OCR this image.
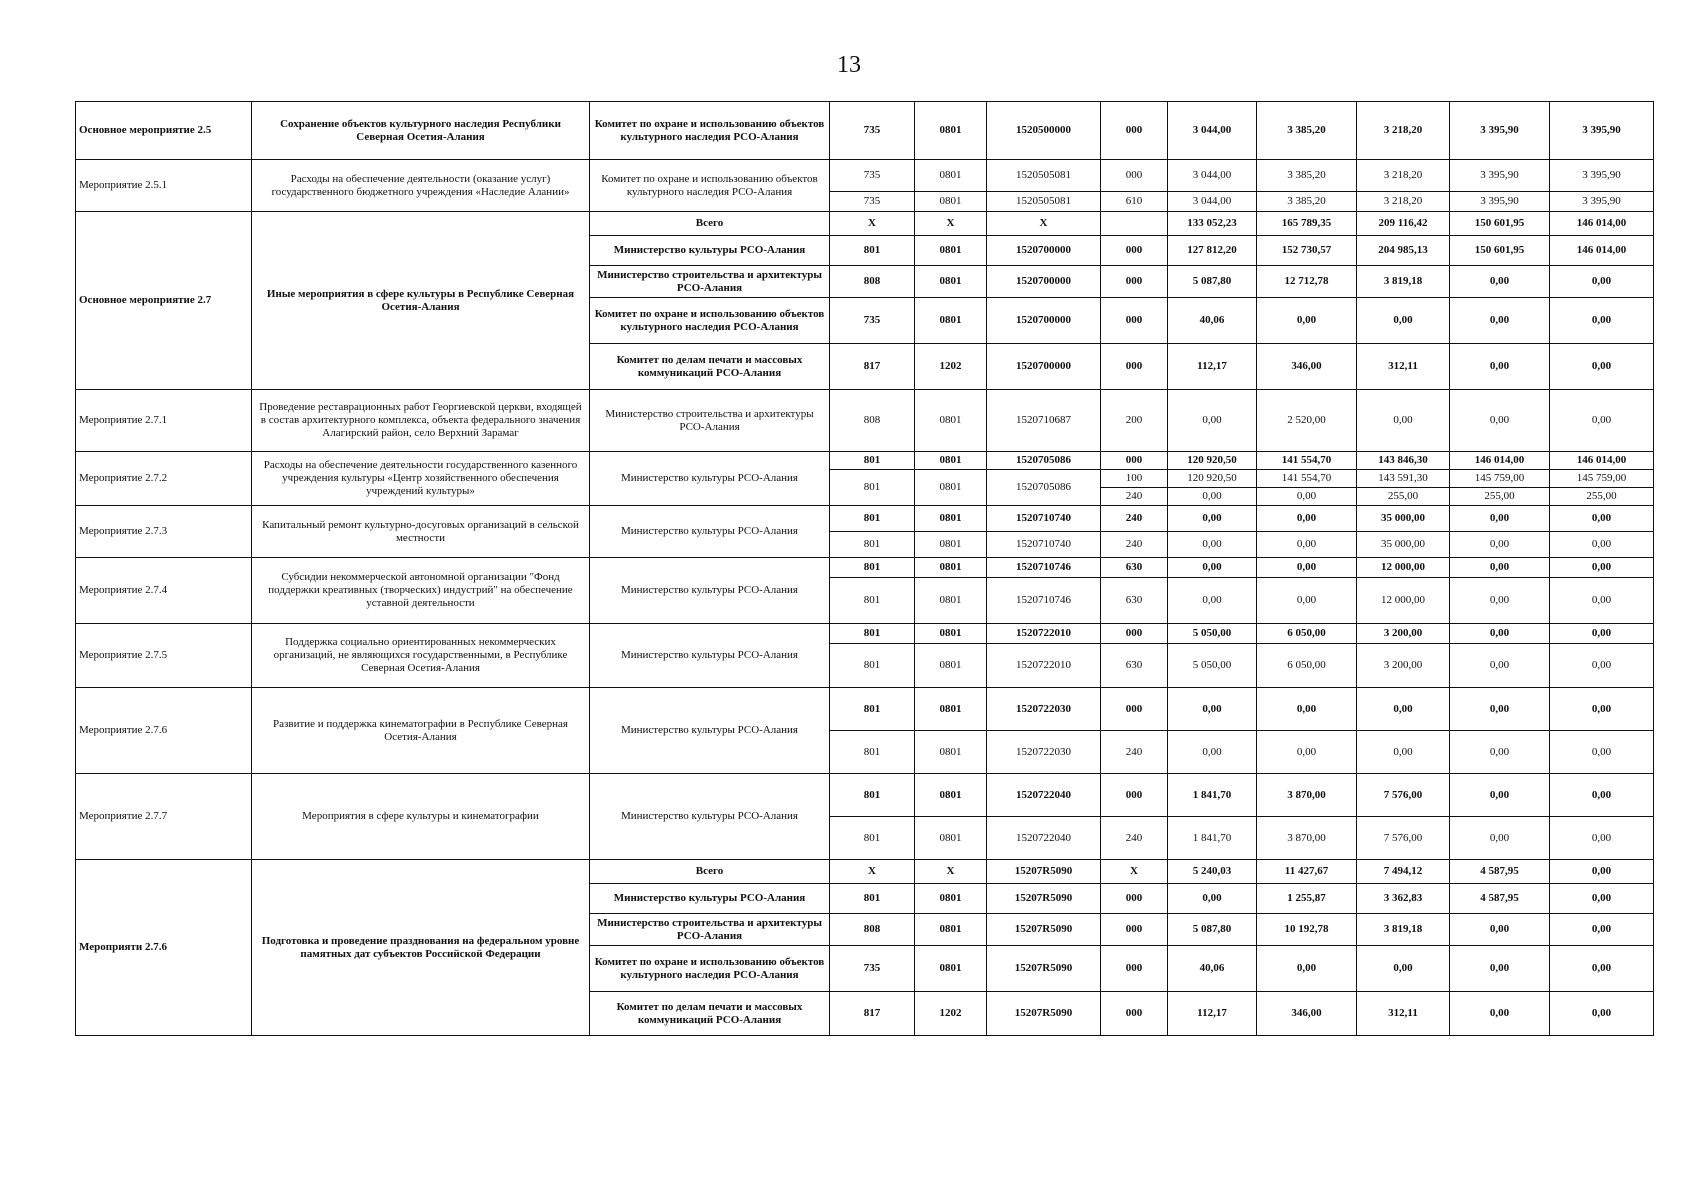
13
Основное мероприятие 2.5	Сохранение объектов культурного наследия Республики Северная Осетия-Алания	Комитет по охране и использованию объектов культурного наследия РСО-Алания	735	0801	1520500000	000	3 044,00	3 385,20	3 218,20	3 395,90	3 395,90
Мероприятие 2.5.1	Расходы на обеспечение деятельности (оказание услуг) государственного бюджетного учреждения «Наследие Алании»	Комитет по охране и использованию объектов культурного наследия РСО-Алания	735	0801	1520505081	000	3 044,00	3 385,20	3 218,20	3 395,90	3 395,90
			735	0801	1520505081	610	3 044,00	3 385,20	3 218,20	3 395,90	3 395,90
Основное мероприятие 2.7	Иные мероприятия в сфере культуры в Республике Северная Осетия-Алания	Всего	Х	Х	Х		133 052,23	165 789,35	209 116,42	150 601,95	146 014,00
		Министерство культуры РСО-Алания	801	0801	1520700000	000	127 812,20	152 730,57	204 985,13	150 601,95	146 014,00
		Министерство строительства и архитектуры РСО-Алания	808	0801	1520700000	000	5 087,80	12 712,78	3 819,18	0,00	0,00
		Комитет по охране и использованию объектов культурного наследия РСО-Алания	735	0801	1520700000	000	40,06	0,00	0,00	0,00	0,00
		Комитет по делам печати и массовых коммуникаций РСО-Алания	817	1202	1520700000	000	112,17	346,00	312,11	0,00	0,00
Мероприятие 2.7.1	Проведение реставрационных работ Георгиевской церкви, входящей в состав архитектурного комплекса, объекта федерального значения Алагирский район, село Верхний Зарамаг	Министерство строительства и архитектуры РСО-Алания	808	0801	1520710687	200	0,00	2 520,00	0,00	0,00	0,00
Мероприятие 2.7.2	Расходы на обеспечение деятельности государственного казенного учреждения культуры «Центр хозяйственного обеспечения учреждений культуры»	Министерство культуры РСО-Алания	801	0801	1520705086	000	120 920,50	141 554,70	143 846,30	146 014,00	146 014,00
			801	0801	1520705086	100	120 920,50	141 554,70	143 591,30	145 759,00	145 759,00
						240	0,00	0,00	255,00	255,00	255,00
Мероприятие 2.7.3	Капитальный ремонт культурно-досуговых организаций в сельской местности	Министерство культуры РСО-Алания	801	0801	1520710740	240	0,00	0,00	35 000,00	0,00	0,00
			801	0801	1520710740	240	0,00	0,00	35 000,00	0,00	0,00
Мероприятие 2.7.4	Субсидии некоммерческой автономной организации "Фонд поддержки креативных (творческих) индустрий" на обеспечение уставной деятельности	Министерство культуры РСО-Алания	801	0801	1520710746	630	0,00	0,00	12 000,00	0,00	0,00
			801	0801	1520710746	630	0,00	0,00	12 000,00	0,00	0,00
Мероприятие 2.7.5	Поддержка социально ориентированных некоммерческих организаций, не являющихся государственными, в Республике Северная Осетия-Алания	Министерство культуры РСО-Алания	801	0801	1520722010	000	5 050,00	6 050,00	3 200,00	0,00	0,00
			801	0801	1520722010	630	5 050,00	6 050,00	3 200,00	0,00	0,00
Мероприятие 2.7.6	Развитие и поддержка кинематографии в Республике Северная Осетия-Алания	Министерство культуры РСО-Алания	801	0801	1520722030	000	0,00	0,00	0,00	0,00	0,00
			801	0801	1520722030	240	0,00	0,00	0,00	0,00	0,00
Мероприятие 2.7.7	Мероприятия в сфере культуры и кинематографии	Министерство культуры РСО-Алания	801	0801	1520722040	000	1 841,70	3 870,00	7 576,00	0,00	0,00
			801	0801	1520722040	240	1 841,70	3 870,00	7 576,00	0,00	0,00
Мероприяти 2.7.6	Подготовка и проведение празднования на федеральном уровне памятных дат субъектов Российской Федерации	Всего	Х	Х	15207R5090	Х	5 240,03	11 427,67	7 494,12	4 587,95	0,00
		Министерство культуры РСО-Алания	801	0801	15207R5090	000	0,00	1 255,87	3 362,83	4 587,95	0,00
		Министерство строительства и архитектуры РСО-Алания	808	0801	15207R5090	000	5 087,80	10 192,78	3 819,18	0,00	0,00
		Комитет по охране и использованию объектов культурного наследия РСО-Алания	735	0801	15207R5090	000	40,06	0,00	0,00	0,00	0,00
		Комитет по делам печати и массовых коммуникаций РСО-Алания	817	1202	15207R5090	000	112,17	346,00	312,11	0,00	0,00
